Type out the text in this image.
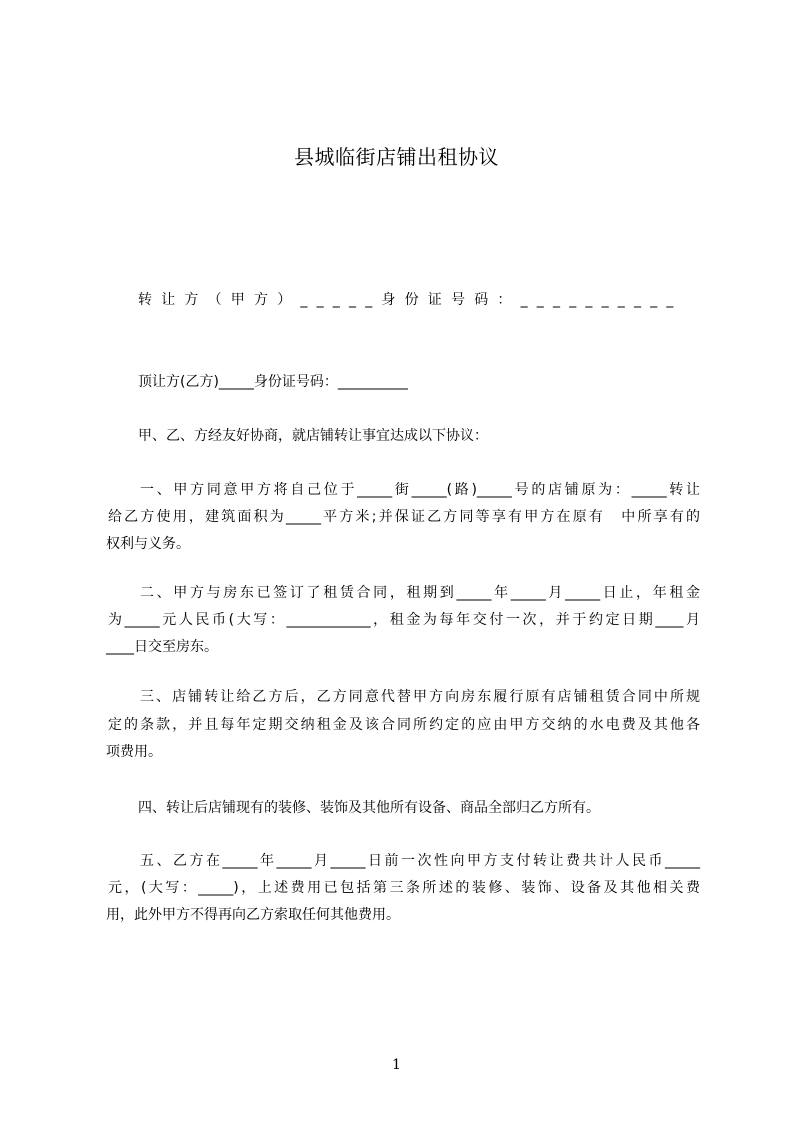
县城临街店铺出租协议
转让方（甲方）_____身份证号码：__________
顶让方(乙方)_____身份证号码：__________
甲、乙、方经友好协商，就店铺转让事宜达成以下协议：
一、甲方同意甲方将自己位于_____街_____(路)_____号的店铺原为：_____转让
给乙方使用，建筑面积为_____平方米;并保证乙方同等享有甲方在原有　中所享有的
权利与义务。
二、甲方与房东已签订了租赁合同，租期到_____年_____月_____日止，年租金
为_____元人民币(大写：____________，租金为每年交付一次，并于约定日期____月
____日交至房东。
三、店铺转让给乙方后，乙方同意代替甲方向房东履行原有店铺租赁合同中所规
定的条款，并且每年定期交纳租金及该合同所约定的应由甲方交纳的水电费及其他各
项费用。
四、转让后店铺现有的装修、装饰及其他所有设备、商品全部归乙方所有。
五、乙方在_____年_____月_____日前一次性向甲方支付转让费共计人民币_____
元，(大写：_____)，上述费用已包括第三条所述的装修、装饰、设备及其他相关费
用，此外甲方不得再向乙方索取任何其他费用。
1
